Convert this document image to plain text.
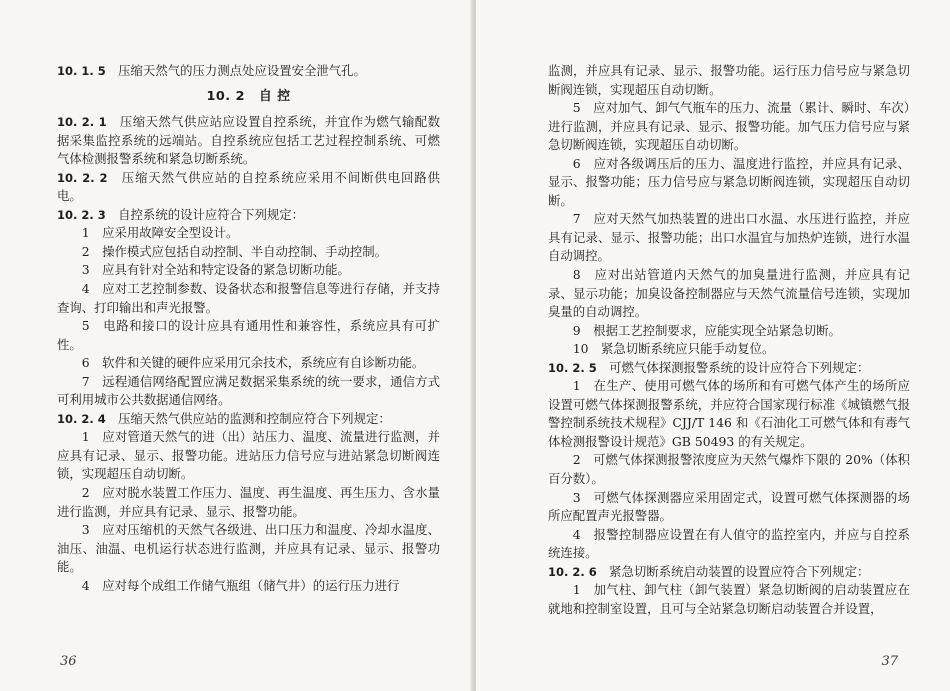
10. 1. 5　 压缩天然气的压力测点处应设置安全泄气孔。

10. 2 自 控

10. 2. 1　 压缩天然气供应站应设置自控系统，并宜作为燃气输配数据采集监控系统的远端站。自控系统应包括工艺过程控制系统、可燃气体检测报警系统和紧急切断系统。

10. 2. 2　 压缩天然气供应站的自控系统应采用不间断供电回路供电。

10. 2. 3　 自控系统的设计应符合下列规定：

1　应采用故障安全型设计。

2　操作模式应包括自动控制、半自动控制、手动控制。

3　应具有针对全站和特定设备的紧急切断功能。

4　应对工艺控制参数、设备状态和报警信息等进行存储，并支持查询、打印输出和声光报警。

5　电路和接口的设计应具有通用性和兼容性，系统应具有可扩性。

6　软件和关键的硬件应采用冗余技术，系统应有自诊断功能。

7　远程通信网络配置应满足数据采集系统的统一要求，通信方式可利用城市公共数据通信网络。

10. 2. 4　 压缩天然气供应站的监测和控制应符合下列规定：

1　应对管道天然气的进（出）站压力、温度、流量进行监测，并应具有记录、显示、报警功能。进站压力信号应与进站紧急切断阀连锁，实现超压自动切断。

2　应对脱水装置工作压力、温度、再生温度、再生压力、含水量进行监测，并应具有记录、显示、报警功能。

3　应对压缩机的天然气各级进、出口压力和温度、冷却水温度、油压、油温、电机运行状态进行监测，并应具有记录、显示、报警功能。

4　应对每个成组工作储气瓶组（储气井）的运行压力进行

36

监测，并应具有记录、显示、报警功能。运行压力信号应与紧急切断阀连锁，实现超压自动切断。

5　应对加气、卸气气瓶车的压力、流量（累计、瞬时、车次）进行监测，并应具有记录、显示、报警功能。加气压力信号应与紧急切断阀连锁，实现超压自动切断。

6　应对各级调压后的压力、温度进行监控，并应具有记录、显示、报警功能；压力信号应与紧急切断阀连锁，实现超压自动切断。

7　应对天然气加热装置的进出口水温、水压进行监控，并应具有记录、显示、报警功能；出口水温宜与加热炉连锁，进行水温自动调控。

8　应对出站管道内天然气的加臭量进行监测，并应具有记录、显示功能；加臭设备控制器应与天然气流量信号连锁，实现加臭量的自动调控。

9　根据工艺控制要求，应能实现全站紧急切断。

10　紧急切断系统应只能手动复位。

10. 2. 5　 可燃气体探测报警系统的设计应符合下列规定：

1　在生产、使用可燃气体的场所和有可燃气体产生的场所应设置可燃气体探测报警系统，并应符合国家现行标准《城镇燃气报警控制系统技术规程》CJJ/T 146 和《石油化工可燃气体和有毒气体检测报警设计规范》GB 50493 的有关规定。

2　可燃气体探测报警浓度应为天然气爆炸下限的 20%（体积百分数）。

3　可燃气体探测器应采用固定式，设置可燃气体探测器的场所应配置声光报警器。

4　报警控制器应设置在有人值守的监控室内，并应与自控系统连接。

10. 2. 6　 紧急切断系统启动装置的设置应符合下列规定：

1　加气柱、卸气柱（卸气装置）紧急切断阀的启动装置应在就地和控制室设置，且可与全站紧急切断启动装置合并设置，

37
